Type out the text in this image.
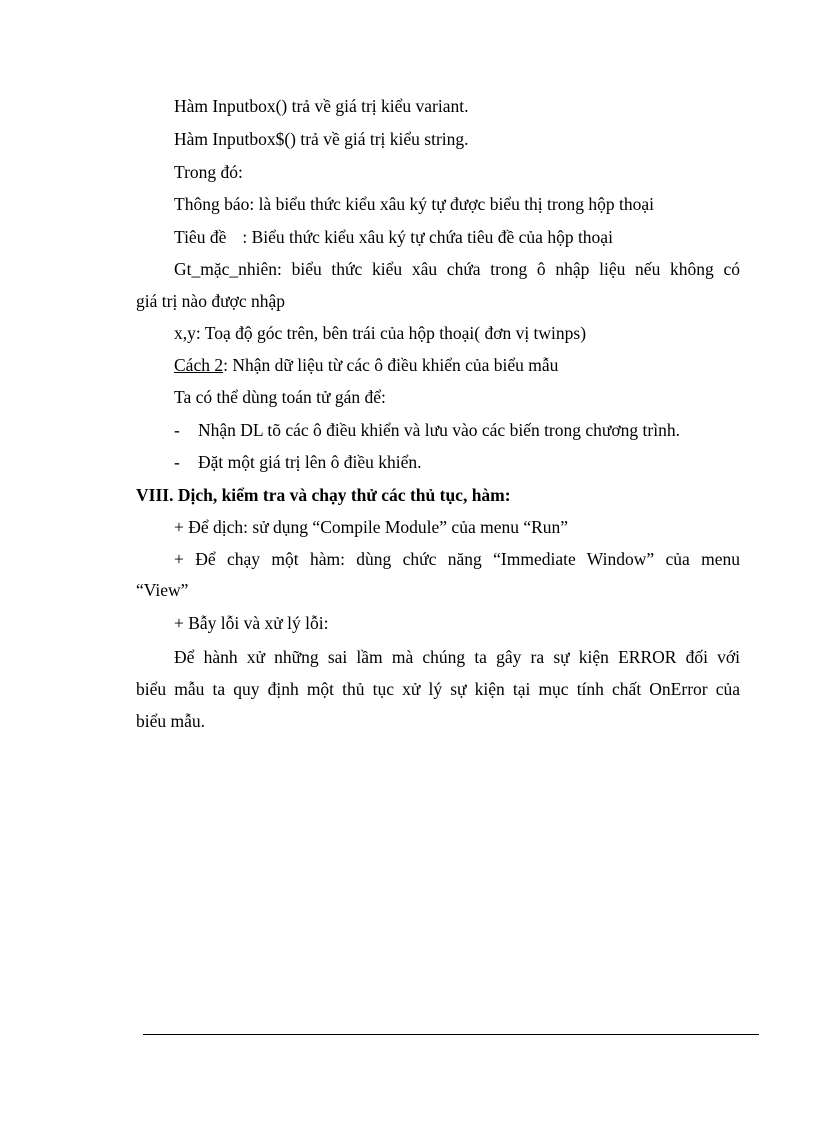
Hàm Inputbox() trả về giá trị kiểu variant.
Hàm Inputbox$() trả về giá trị kiểu string.
Trong đó:
Thông báo: là biểu thức kiểu xâu ký tự được biểu thị trong hộp thoại
Tiêu đề : Biểu thức kiểu xâu ký tự chứa tiêu đề của hộp thoại
Gt_mặc_nhiên: biểu thức kiểu xâu chứa trong ô nhập liệu nếu không có
giá trị nào được nhập
x,y: Toạ độ góc trên, bên trái của hộp thoại( đơn vị twinps)
Cách 2: Nhận dữ liệu từ các ô điều khiển của biểu mẫu
Ta có thể dùng toán tử gán để:
- Nhận DL tõ các ô điều khiển và lưu vào các biến trong chương trình.
- Đặt một giá trị lên ô điều khiển.
VIII. Dịch, kiểm tra và chạy thử các thủ tục, hàm:
+ Để dịch: sử dụng “Compile Module” của menu “Run”
+ Để chạy một hàm: dùng chức năng “Immediate Window” của menu
“View”
+ Bẫy lỗi và xử lý lỗi:
Để hành xử những sai lầm mà chúng ta gây ra sự kiện ERROR đối với
biểu mẫu ta quy định một thủ tục xử lý sự kiện tại mục tính chất OnError của
biểu mẫu.
